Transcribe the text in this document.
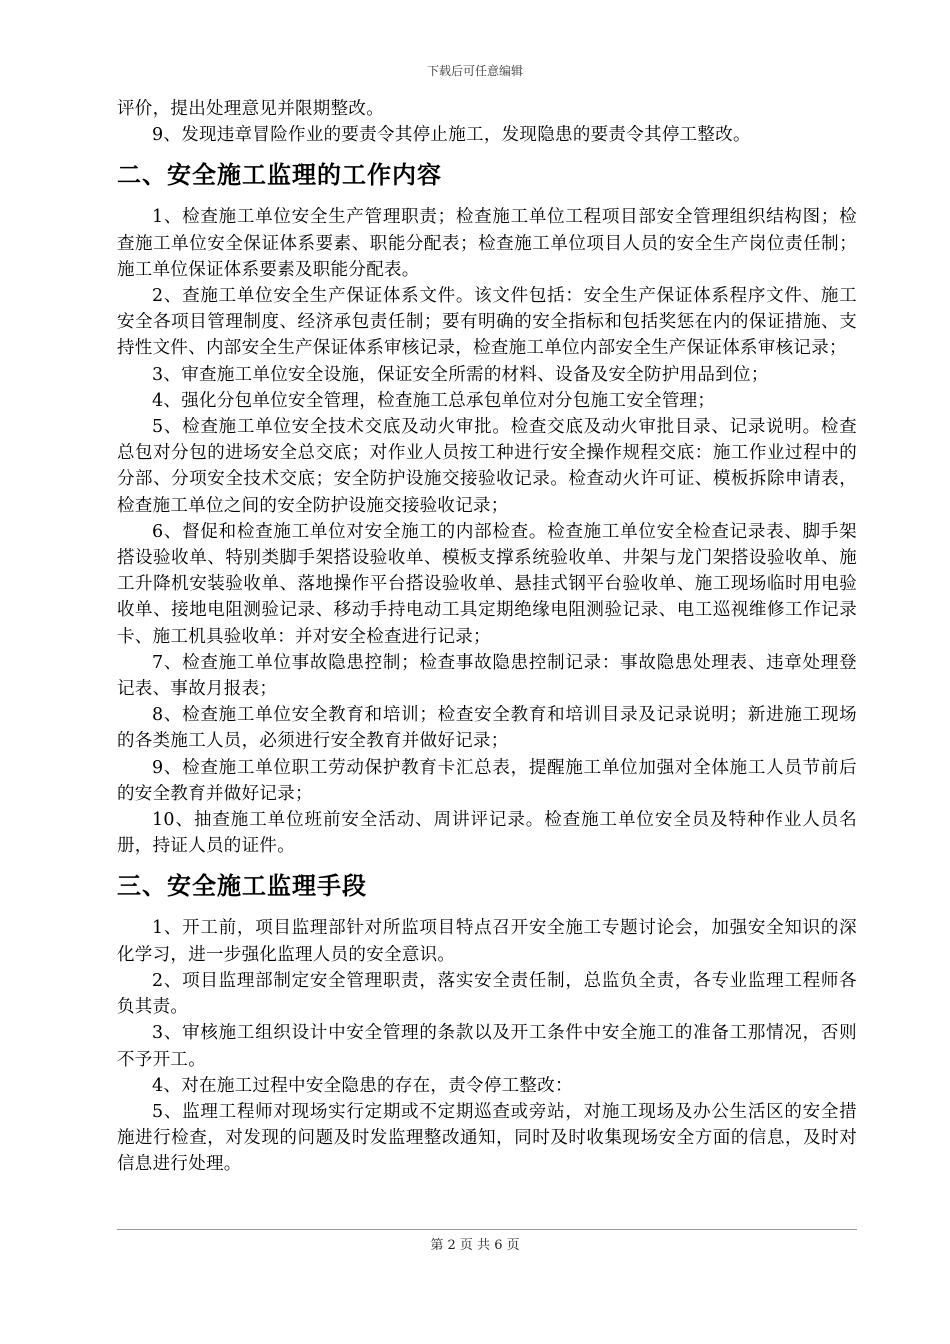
下载后可任意编辑

评价，提出处理意见并限期整改。

9、发现违章冒险作业的要责令其停止施工，发现隐患的要责令其停工整改。

二、安全施工监理的工作内容

1、检查施工单位安全生产管理职责；检查施工单位工程项目部安全管理组织结构图；检查施工单位安全保证体系要素、职能分配表；检查施工单位项目人员的安全生产岗位责任制；施工单位保证体系要素及职能分配表。

2、查施工单位安全生产保证体系文件。该文件包括：安全生产保证体系程序文件、施工安全各项目管理制度、经济承包责任制；要有明确的安全指标和包括奖惩在内的保证措施、支持性文件、内部安全生产保证体系审核记录，检查施工单位内部安全生产保证体系审核记录；

3、审查施工单位安全设施，保证安全所需的材料、设备及安全防护用品到位；

4、强化分包单位安全管理，检查施工总承包单位对分包施工安全管理；

5、检查施工单位安全技术交底及动火审批。检查交底及动火审批目录、记录说明。检查总包对分包的进场安全总交底；对作业人员按工种进行安全操作规程交底：施工作业过程中的分部、分项安全技术交底；安全防护设施交接验收记录。检查动火许可证、模板拆除申请表，检查施工单位之间的安全防护设施交接验收记录；

6、督促和检查施工单位对安全施工的内部检查。检查施工单位安全检查记录表、脚手架搭设验收单、特别类脚手架搭设验收单、模板支撑系统验收单、井架与龙门架搭设验收单、施工升降机安装验收单、落地操作平台搭设验收单、悬挂式钢平台验收单、施工现场临时用电验收单、接地电阻测验记录、移动手持电动工具定期绝缘电阻测验记录、电工巡视维修工作记录卡、施工机具验收单：并对安全检查进行记录；

7、检查施工单位事故隐患控制；检查事故隐患控制记录：事故隐患处理表、违章处理登记表、事故月报表；

8、检查施工单位安全教育和培训；检查安全教育和培训目录及记录说明；新进施工现场的各类施工人员，必须进行安全教育并做好记录；

9、检查施工单位职工劳动保护教育卡汇总表，提醒施工单位加强对全体施工人员节前后的安全教育并做好记录；

10、抽查施工单位班前安全活动、周讲评记录。检查施工单位安全员及特种作业人员名册，持证人员的证件。

三、安全施工监理手段

1、开工前，项目监理部针对所监项目特点召开安全施工专题讨论会，加强安全知识的深化学习，进一步强化监理人员的安全意识。

2、项目监理部制定安全管理职责，落实安全责任制，总监负全责，各专业监理工程师各负其责。

3、审核施工组织设计中安全管理的条款以及开工条件中安全施工的准备工那情况，否则不予开工。

4、对在施工过程中安全隐患的存在，责令停工整改：

5、监理工程师对现场实行定期或不定期巡查或旁站，对施工现场及办公生活区的安全措施进行检查，对发现的问题及时发监理整改通知，同时及时收集现场安全方面的信息，及时对信息进行处理。

第 2 页 共 6 页
